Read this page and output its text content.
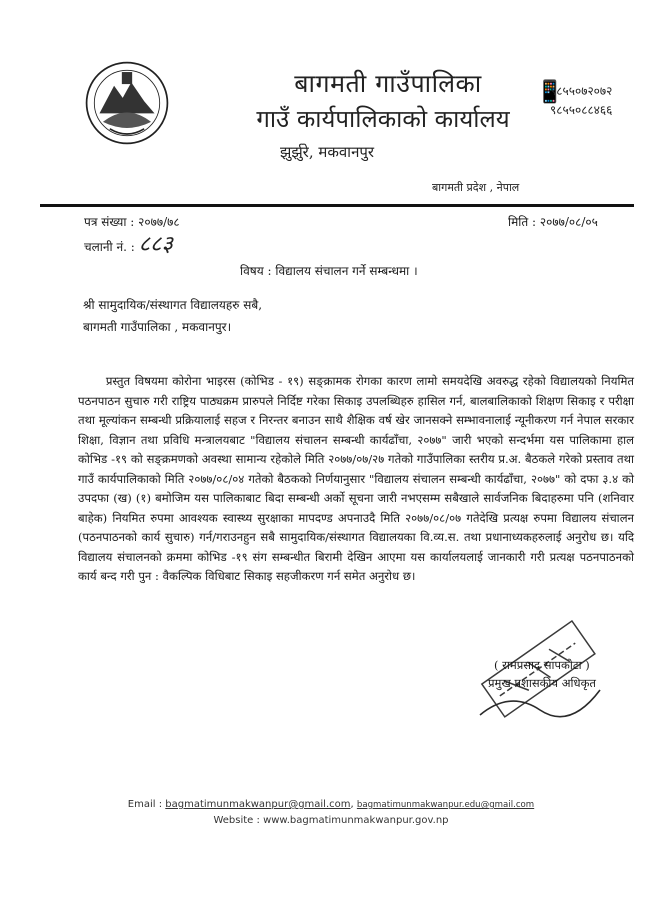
बागमती गाउँपालिका
गाउँ कार्यपालिकाको कार्यालय
झुर्झुरे, मकवानपुर
बागमती प्रदेश , नेपाल
📱
९८५५०७२०७२
९८५५०८८४६६
पत्र संख्या : २०७७/७८	मिति : २०७७/०८/०५
चलानी नं. : ८८३
विषय : विद्यालय संचालन गर्ने सम्बन्धमा ।
श्री सामुदायिक/संस्थागत विद्यालयहरु सबै,
बागमती गाउँपालिका , मकवानपुर।
प्रस्तुत विषयमा कोरोना भाइरस (कोभिड - १९) सङ्क्रामक रोगका कारण लामो समयदेखि अवरुद्ध रहेको विद्यालयको नियमित पठनपाठन सुचारु गरी राष्ट्रिय पाठ्यक्रम प्रारुपले निर्दिष्ट गरेका सिकाइ उपलब्धिहरु हासिल गर्न, बालबालिकाको शिक्षण सिकाइ र परीक्षा तथा मूल्यांकन सम्बन्धी प्रक्रियालाई सहज र निरन्तर बनाउन साथै शैक्षिक वर्ष खेर जानसक्ने सम्भावनालाई न्यूनीकरण गर्न नेपाल सरकार शिक्षा, विज्ञान तथा प्रविधि मन्त्रालयबाट "विद्यालय संचालन सम्बन्धी कार्यढाँचा, २०७७" जारी भएको सन्दर्भमा यस पालिकामा हाल कोभिड -१९ को सङ्क्रमणको अवस्था सामान्य रहेकोले मिति २०७७/०७/२७ गतेको गाउँपालिका स्तरीय प्र.अ. बैठकले गरेको प्रस्ताव तथा गाउँ कार्यपालिकाको मिति २०७७/०८/०४ गतेको बैठकको निर्णयानुसार "विद्यालय संचालन सम्बन्धी कार्यढाँचा, २०७७" को दफा ३.४ को उपदफा (ख) (१) बमोजिम यस पालिकाबाट बिदा सम्बन्धी अर्को सूचना जारी नभएसम्म सबैखाले सार्वजनिक बिदाहरुमा पनि (शनिवार बाहेक) नियमित रुपमा आवश्यक स्वास्थ्य सुरक्षाका मापदण्ड अपनाउदै मिति २०७७/०८/०७ गतेदेखि प्रत्यक्ष रुपमा विद्यालय संचालन (पठनपाठनको कार्य सुचारु) गर्न/गराउनहुन सबै सामुदायिक/संस्थागत विद्यालयका वि.व्य.स. तथा प्रधानाध्यकहरुलाई अनुरोध छ। यदि विद्यालय संचालनको क्रममा कोभिड -१९ संग सम्बन्धीत बिरामी देखिन आएमा यस कार्यालयलाई जानकारी गरी प्रत्यक्ष पठनपाठनको कार्य बन्द गरी पुन : वैकल्पिक विधिबाट सिकाइ सहजीकरण गर्न समेत अनुरोध छ।
( रामप्रसाद सापकोटा )
प्रमुख प्रशासकीय अधिकृत
Email : bagmatimunmakwanpur@gmail.com, bagmatimunmakwanpur.edu@gmail.com
Website : www.bagmatimunmakwanpur.gov.np
